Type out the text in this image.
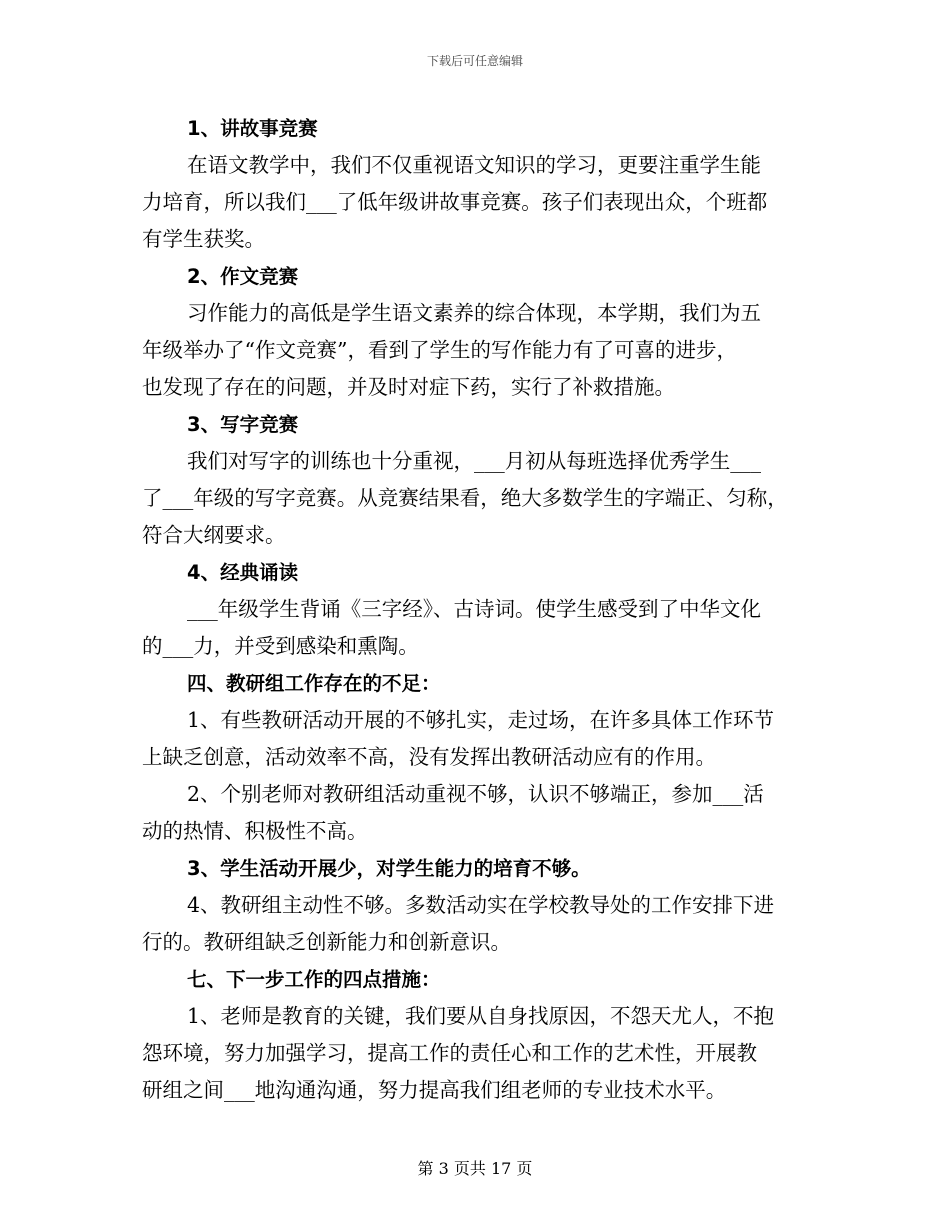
下载后可任意编辑
1、讲故事竞赛
在语文教学中，我们不仅重视语文知识的学习，更要注重学生能
力培育，所以我们___了低年级讲故事竞赛。孩子们表现出众，个班都
有学生获奖。
2、作文竞赛
习作能力的高低是学生语文素养的综合体现，本学期，我们为五
年级举办了“作文竞赛”，看到了学生的写作能力有了可喜的进步，
也发现了存在的问题，并及时对症下药，实行了补救措施。
3、写字竞赛
我们对写字的训练也十分重视，___月初从每班选择优秀学生___
了___年级的写字竞赛。从竞赛结果看，绝大多数学生的字端正、匀称，
符合大纲要求。
4、经典诵读
___年级学生背诵《三字经》、古诗词。使学生感受到了中华文化
的___力，并受到感染和熏陶。
四、教研组工作存在的不足：
1、有些教研活动开展的不够扎实，走过场，在许多具体工作环节
上缺乏创意，活动效率不高，没有发挥出教研活动应有的作用。
2、个别老师对教研组活动重视不够，认识不够端正，参加___活
动的热情、积极性不高。
3、学生活动开展少，对学生能力的培育不够。
4、教研组主动性不够。多数活动实在学校教导处的工作安排下进
行的。教研组缺乏创新能力和创新意识。
七、下一步工作的四点措施：
1、老师是教育的关键，我们要从自身找原因，不怨天尤人，不抱
怨环境，努力加强学习，提高工作的责任心和工作的艺术性，开展教
研组之间___地沟通沟通，努力提高我们组老师的专业技术水平。
第 3 页共 17 页
